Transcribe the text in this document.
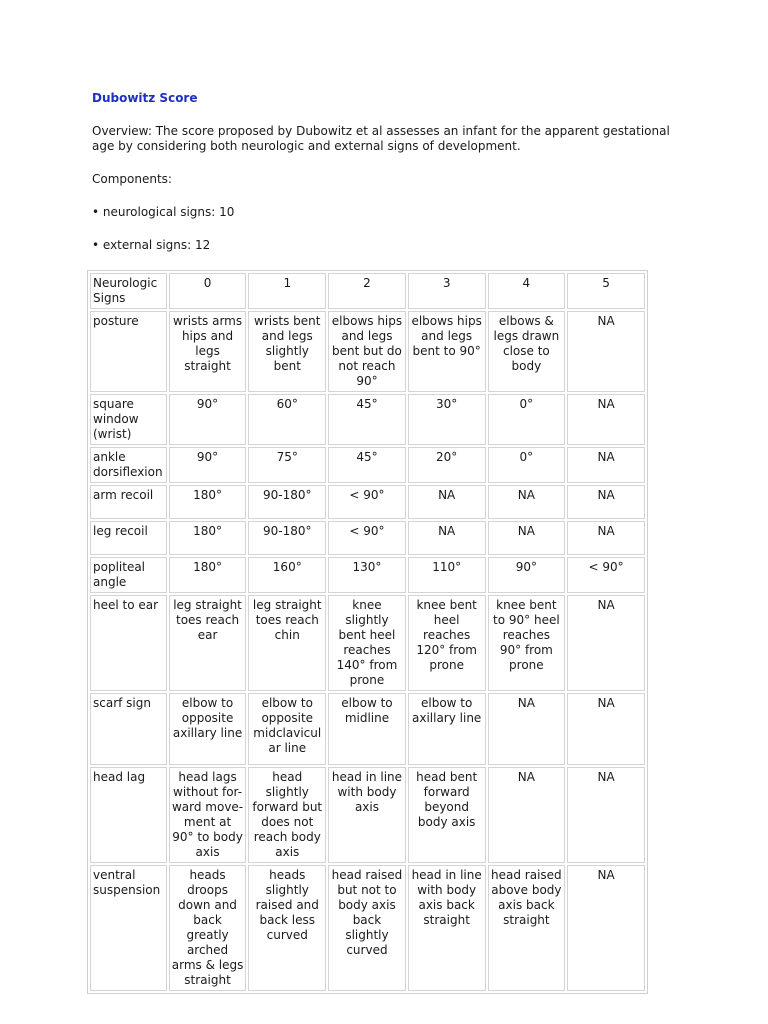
Dubowitz Score

Overview: The score proposed by Dubowitz et al assesses an infant for the apparent gestational age by considering both neurologic and external signs of development.

Components:

• neurological signs: 10

• external signs: 12

Neurologic Signs	0	1	2	3	4	5
posture	wrists arms hips and legs straight	wrists bent and legs slightly bent	elbows hips and legs bent but do not reach 90°	elbows hips and legs bent to 90°	elbows & legs drawn close to body	NA
square window (wrist)	90°	60°	45°	30°	0°	NA
ankle dorsiflexion	90°	75°	45°	20°	0°	NA
arm recoil	180°	90-180°	< 90°	NA	NA	NA
leg recoil	180°	90-180°	< 90°	NA	NA	NA
popliteal angle	180°	160°	130°	110°	90°	< 90°
heel to ear	leg straight toes reach ear	leg straight toes reach chin	knee slightly bent heel reaches 140° from prone	knee bent heel reaches 120° from prone	knee bent to 90° heel reaches 90° from prone	NA
scarf sign	elbow to opposite axillary line	elbow to opposite midclavicular line	elbow to midline	elbow to axillary line	NA	NA
head lag	head lags without for- ward move- ment at 90° to body axis	head slightly forward but does not reach body axis	head in line with body axis	head bent forward beyond body axis	NA	NA
ventral suspension	heads droops down and back greatly arched arms & legs straight	heads slightly raised and back less curved	head raised but not to body axis back slightly curved	head in line with body axis back straight	head raised above body axis back straight	NA
